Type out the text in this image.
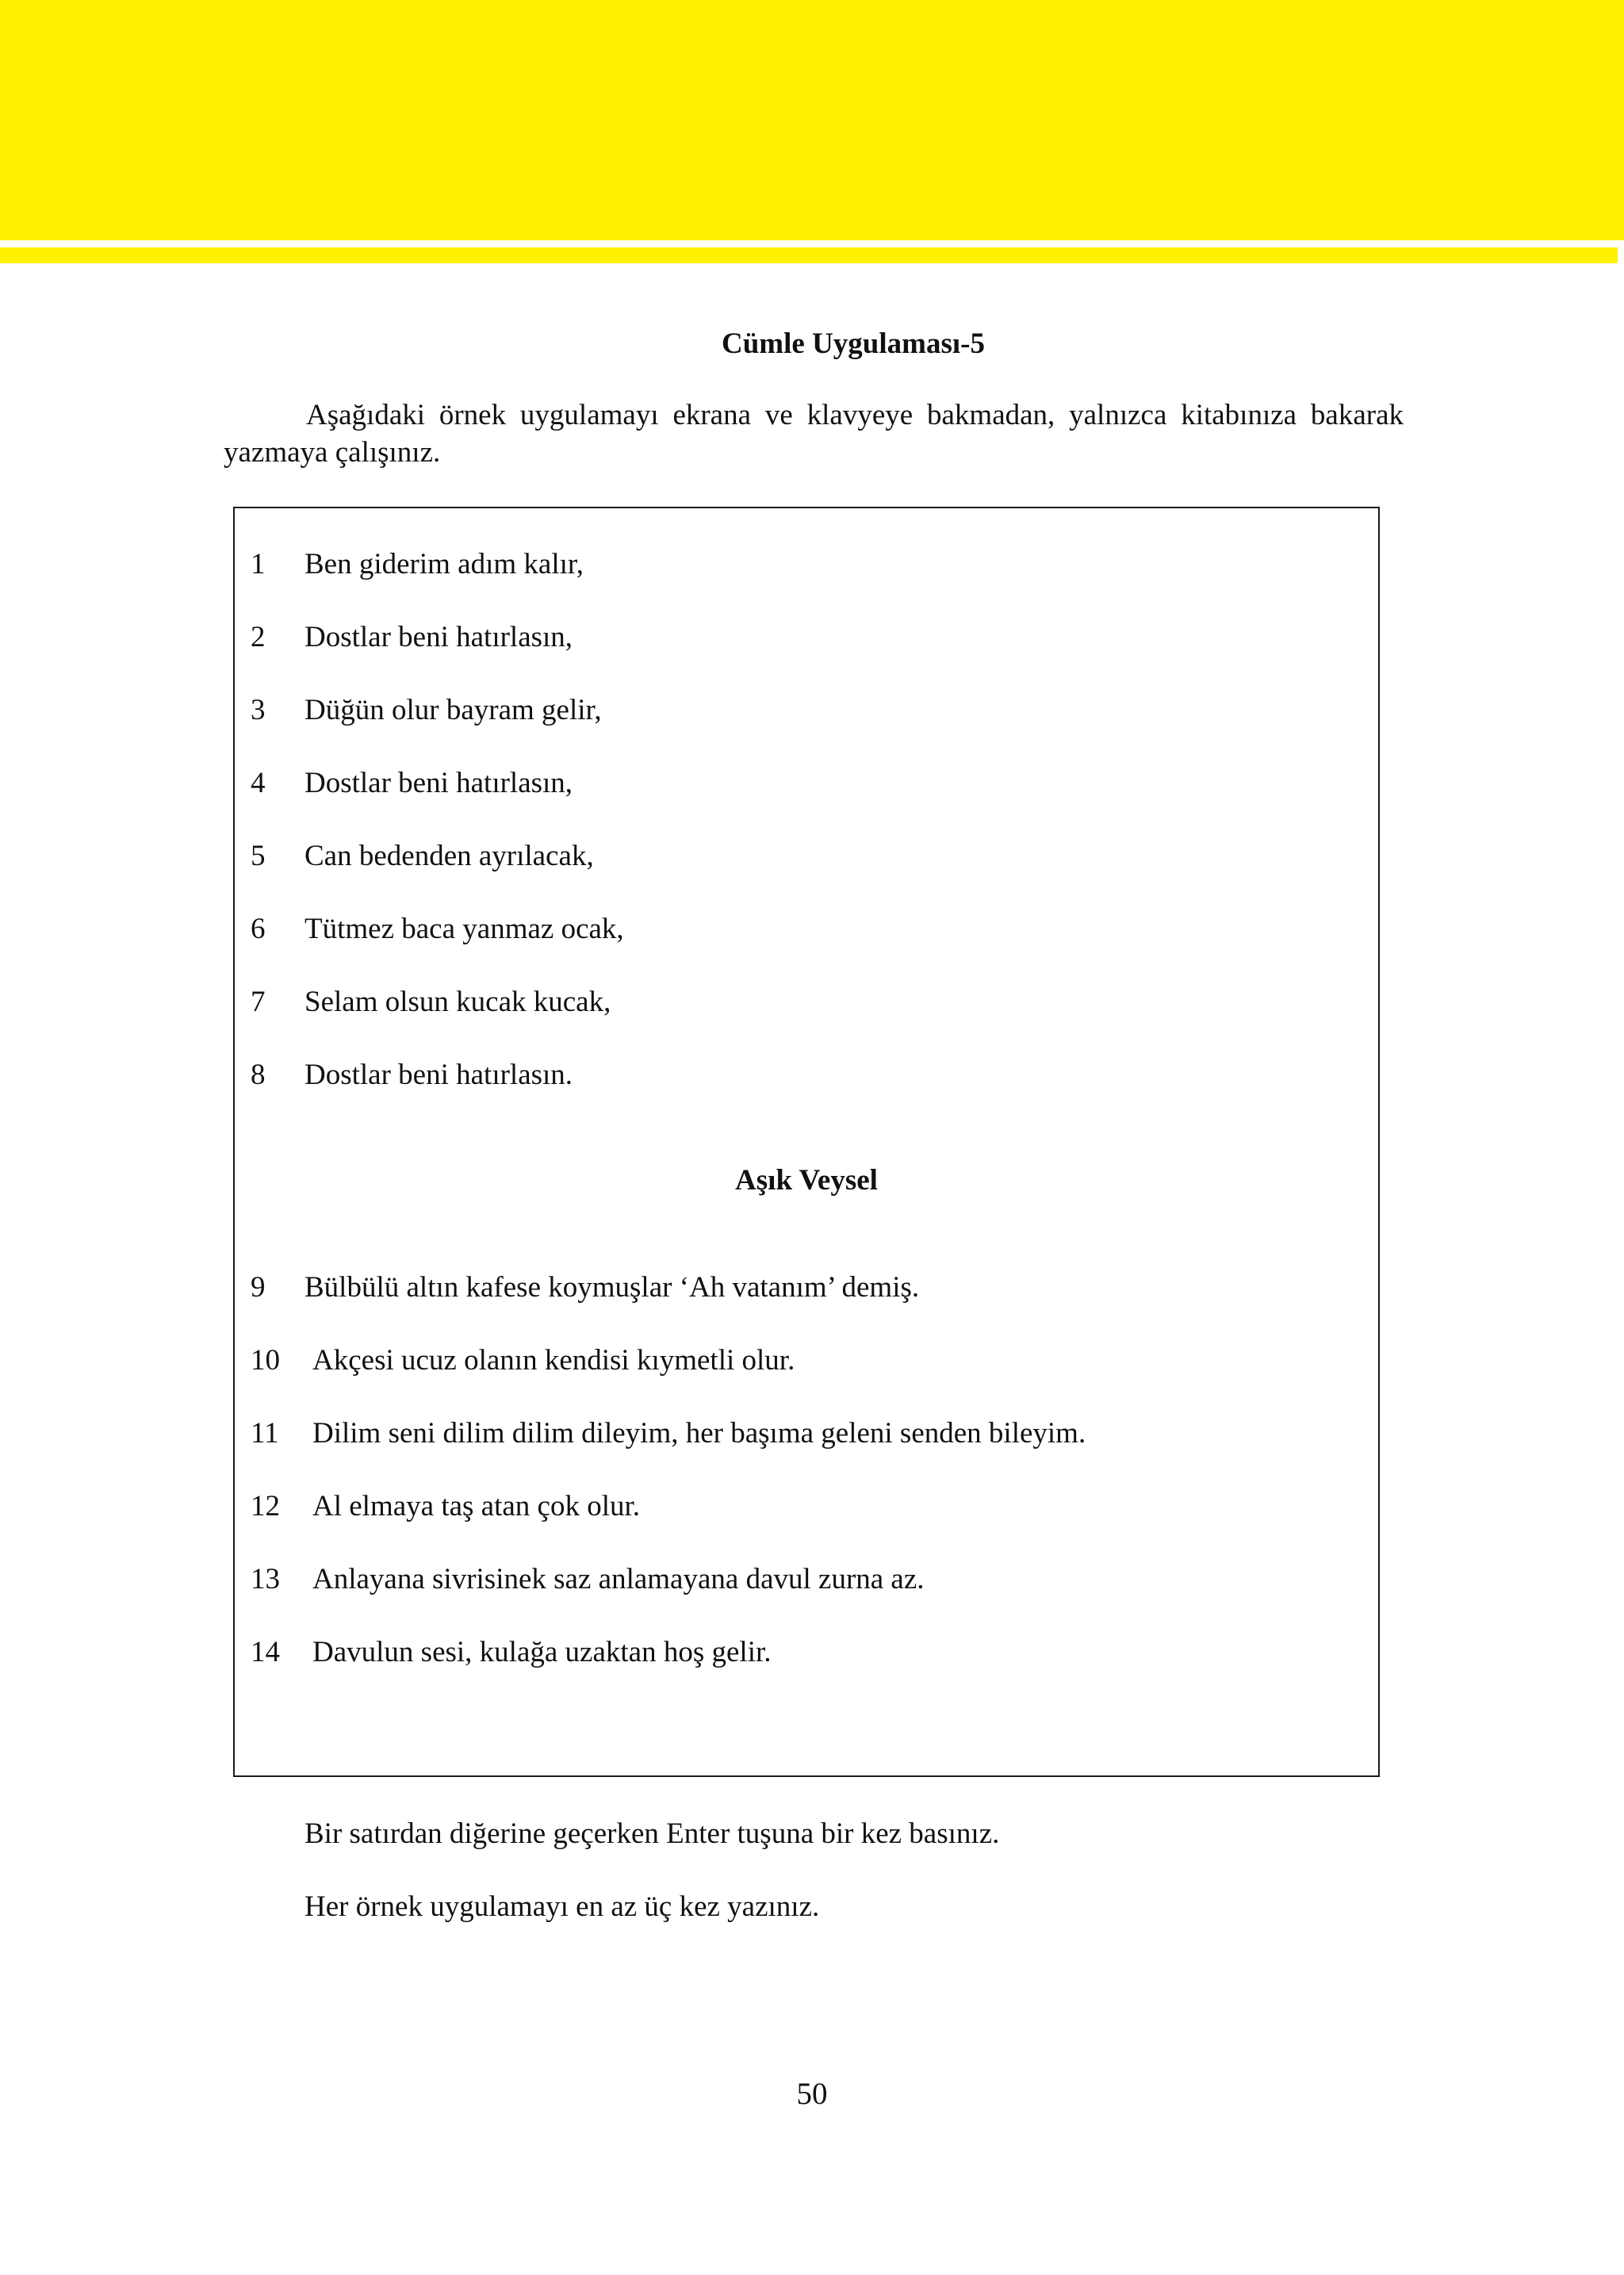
Cümle Uygulaması-5

Aşağıdaki örnek uygulamayı ekrana ve klavyeye bakmadan, yalnızca kitabınıza bakarak yazmaya çalışınız.

1 Ben giderim adım kalır,
2 Dostlar beni hatırlasın,
3 Düğün olur bayram gelir,
4 Dostlar beni hatırlasın,
5 Can bedenden ayrılacak,
6 Tütmez baca yanmaz ocak,
7 Selam olsun kucak kucak,
8 Dostlar beni hatırlasın.
Aşık Veysel
9 Bülbülü altın kafese koymuşlar ‘Ah vatanım’ demiş.
10 Akçesi ucuz olanın kendisi kıymetli olur.
11 Dilim seni dilim dilim dileyim, her başıma geleni senden bileyim.
12 Al elmaya taş atan çok olur.
13 Anlayana sivrisinek saz anlamayana davul zurna az.
14 Davulun sesi, kulağa uzaktan hoş gelir.

Bir satırdan diğerine geçerken Enter tuşuna bir kez basınız.

Her örnek uygulamayı en az üç kez yazınız.

50
